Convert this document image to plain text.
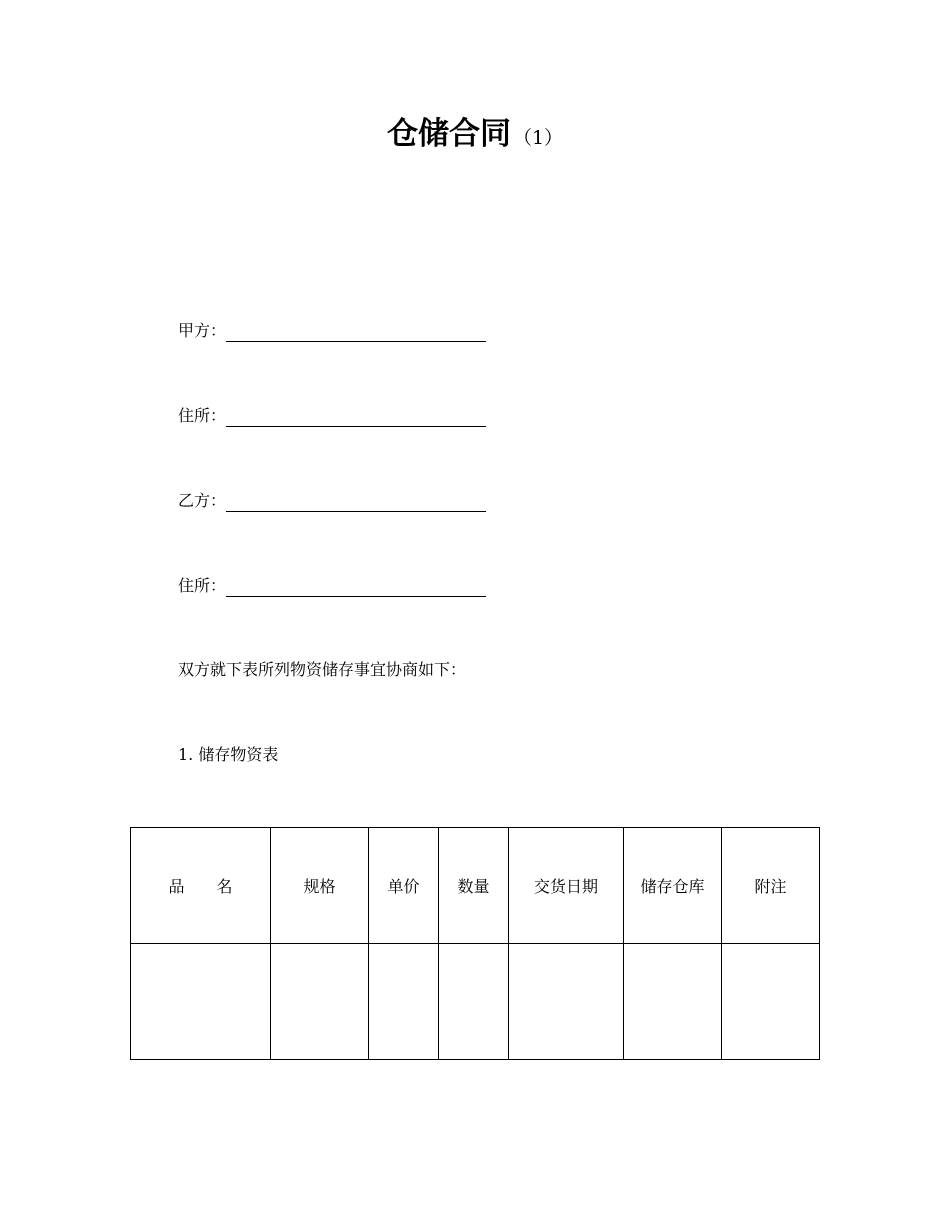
仓储合同 （1）
甲方：
住所：
乙方：
住所：
双方就下表所列物资储存事宜协商如下：
1. 储存物资表
品　　名	规格	单价	数量	交货日期	储存仓库	附注
